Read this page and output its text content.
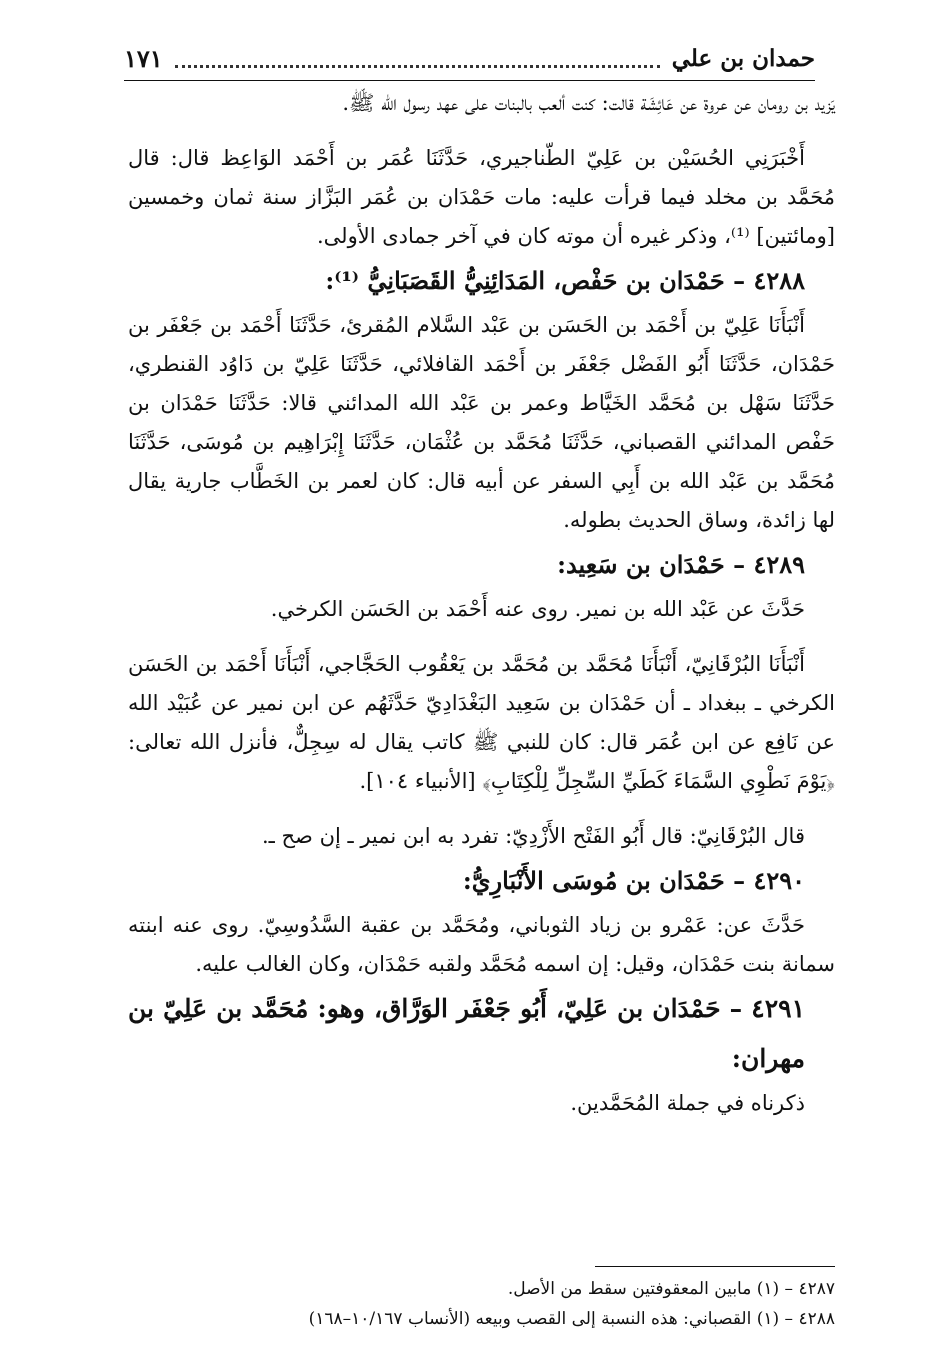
حمدان بن علي
١٧١

يَزيد بن رومان عن عروة عن عَائِشَة قالت: كنت ألعب بالبنات على عهد رسول الله ﷺ.

أَخْبَرَنِي الحُسَيْن بن عَلِيّ الطّناجيري، حَدَّثَنَا عُمَر بن أَحْمَد الوَاعِظ قال: قال مُحَمَّد بن مخلد فيما قرأت عليه: مات حَمْدَان بن عُمَر البَزَّاز سنة ثمان وخمسين [ومائتين] ⁽¹⁾، وذكر غيره أن موته كان في آخر جمادى الأولى.

٤٢٨٨ – حَمْدَان بن حَفْص، المَدَائِنِيُّ القَصَبَانِيُّ ⁽¹⁾:

أَنْبَأَنَا عَلِيّ بن أَحْمَد بن الحَسَن بن عَبْد السَّلام المُقرئ، حَدَّثَنَا أَحْمَد بن جَعْفَر بن حَمْدَان، حَدَّثَنَا أَبُو الفَضْل جَعْفَر بن أَحْمَد القافلائي، حَدَّثَنَا عَلِيّ بن دَاوُد القنطري، حَدَّثَنَا سَهْل بن مُحَمَّد الخَيَّاط وعمر بن عَبْد الله المدائني قالا: حَدَّثَنَا حَمْدَان بن حَفْص المدائني القصباني، حَدَّثَنَا مُحَمَّد بن عُثْمَان، حَدَّثَنَا إِبْرَاهِيم بن مُوسَى، حَدَّثَنَا مُحَمَّد بن عَبْد الله بن أَبِي السفر عن أبيه قال: كان لعمر بن الخَطَّاب جارية يقال لها زائدة، وساق الحديث بطوله.

٤٢٨٩ – حَمْدَان بن سَعِيد:

حَدَّثَ عن عَبْد الله بن نمير. روى عنه أَحْمَد بن الحَسَن الكرخي.

أَنْبَأَنَا البُرْقَانِيّ، أَنْبَأَنَا مُحَمَّد بن مُحَمَّد بن يَعْقُوب الحَجَّاجي، أَنْبَأَنَا أَحْمَد بن الحَسَن الكرخي ـ ببغداد ـ أن حَمْدَان بن سَعِيد البَغْدَادِيّ حَدَّثَهُم عن ابن نمير عن عُبَيْد الله عن نَافِع عن ابن عُمَر قال: كان للنبي ﷺ كاتب يقال له سِجِلٌّ، فأنزل الله تعالى: ﴿يَوْمَ نَطْوِي السَّمَاءَ كَطَيِّ السِّجِلِّ لِلْكِتَابِ﴾ [الأنبياء ١٠٤].

قال البُرْقَانِيّ: قال أَبُو الفَتْح الأَزْدِيّ: تفرد به ابن نمير ـ إن صح ـ.

٤٢٩٠ – حَمْدَان بن مُوسَى الأَنْبَارِيُّ:

حَدَّثَ عن: عَمْرو بن زياد الثوباني، ومُحَمَّد بن عقبة السَّدُوسِيّ. روى عنه ابنته سمانة بنت حَمْدَان، وقيل: إن اسمه مُحَمَّد ولقبه حَمْدَان، وكان الغالب عليه.

٤٢٩١ – حَمْدَان بن عَلِيّ، أَبُو جَعْفَر الوَرَّاق، وهو: مُحَمَّد بن عَلِيّ بن مهران:

ذكرناه في جملة المُحَمَّدين.

٤٢٨٧ – (١) مابين المعقوفتين سقط من الأصل.

٤٢٨٨ – (١) القصباني: هذه النسبة إلى القصب وبيعه (الأنساب ١٠/١٦٧–١٦٨)
